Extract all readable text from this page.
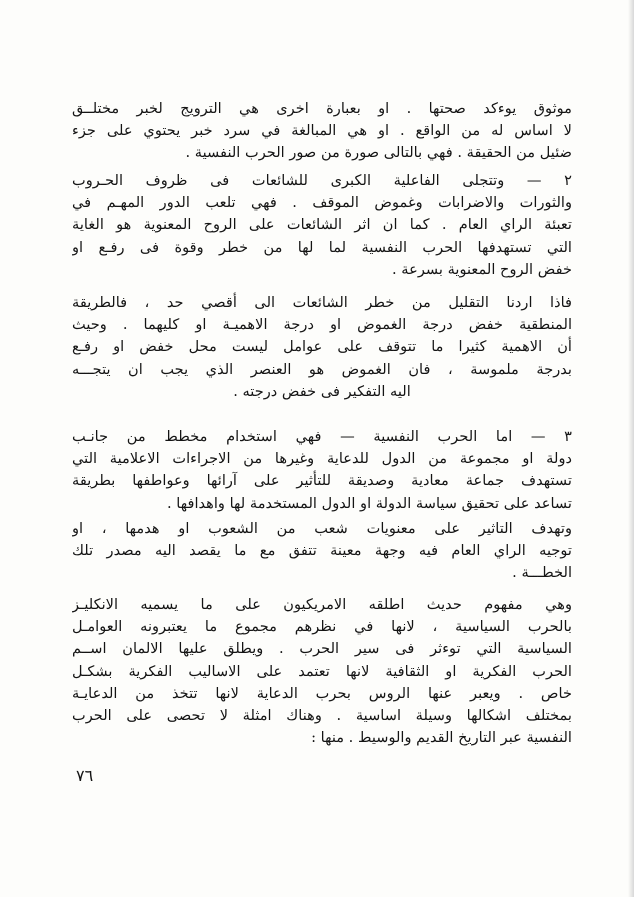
موثوق يوءكد صحتها . او بعبارة اخرى هي الترويج لخبر مختلــق
لا اساس له من الواقع . او هي المبالغة في سرد خبر يحتوي على جزء
ضئيل من الحقيقة . فهي بالتالى صورة من صور الحرب النفسية .
٢ — وتتجلى الفاعلية الكبرى للشائعات فى ظروف الحـروب
والثورات والاضرابات وغموض الموقف . فهي تلعب الدور المهـم في
تعبئة الراي العام . كما ان اثر الشائعات على الروح المعنوية هو الغاية
التي تستهدفها الحرب النفسية لما لها من خطر وقوة فى رفـع او
خفض الروح المعنوية بسرعة .
فاذا اردنا التقليل من خطر الشائعات الى أقصي حد ، فالطريقة
المنطقية خفض درجة الغموض او درجة الاهميـة او كليهما . وحيث
أن الاهمية كثيرا ما تتوقف على عوامل ليست محل خفض او رفـع
بدرجة ملموسة ، فان الغموض هو العنصر الذي يجب ان يتجـــه
اليه التفكير فى خفض درجته .
٣ — اما الحرب النفسية — فهي استخدام مخطط من جانـب
دولة او مجموعة من الدول للدعاية وغيرها من الاجراءات الاعلامية التي
تستهدف جماعة معادية وصديقة للتأثير على آرائها وعواطفها بطريقة
تساعد على تحقيق سياسة الدولة او الدول المستخدمة لها واهدافها .
وتهدف التاثير على معنويات شعب من الشعوب او هدمها ، او
توجيه الراي العام فيه وجهة معينة تتفق مع ما يقصد اليه مصدر تلك
الخطـــة .
وهي مفهوم حديث اطلقه الامريكيون على ما يسميه الانكليـز
بالحرب السياسية ، لانها في نظرهم مجموع ما يعتبرونه العوامـل
السياسية التي توءثر فى سير الحرب . ويطلق عليها الالمان اســم
الحرب الفكرية او الثقافية لانها تعتمد على الاساليب الفكرية بشكـل
خاص . ويعبر عنها الروس بحرب الدعاية لانها تتخذ من الدعايـة
بمختلف اشكالها وسيلة اساسية . وهناك امثلة لا تحصى على الحرب
النفسية عبر التاريخ القديم والوسيط . منها :
٧٦
